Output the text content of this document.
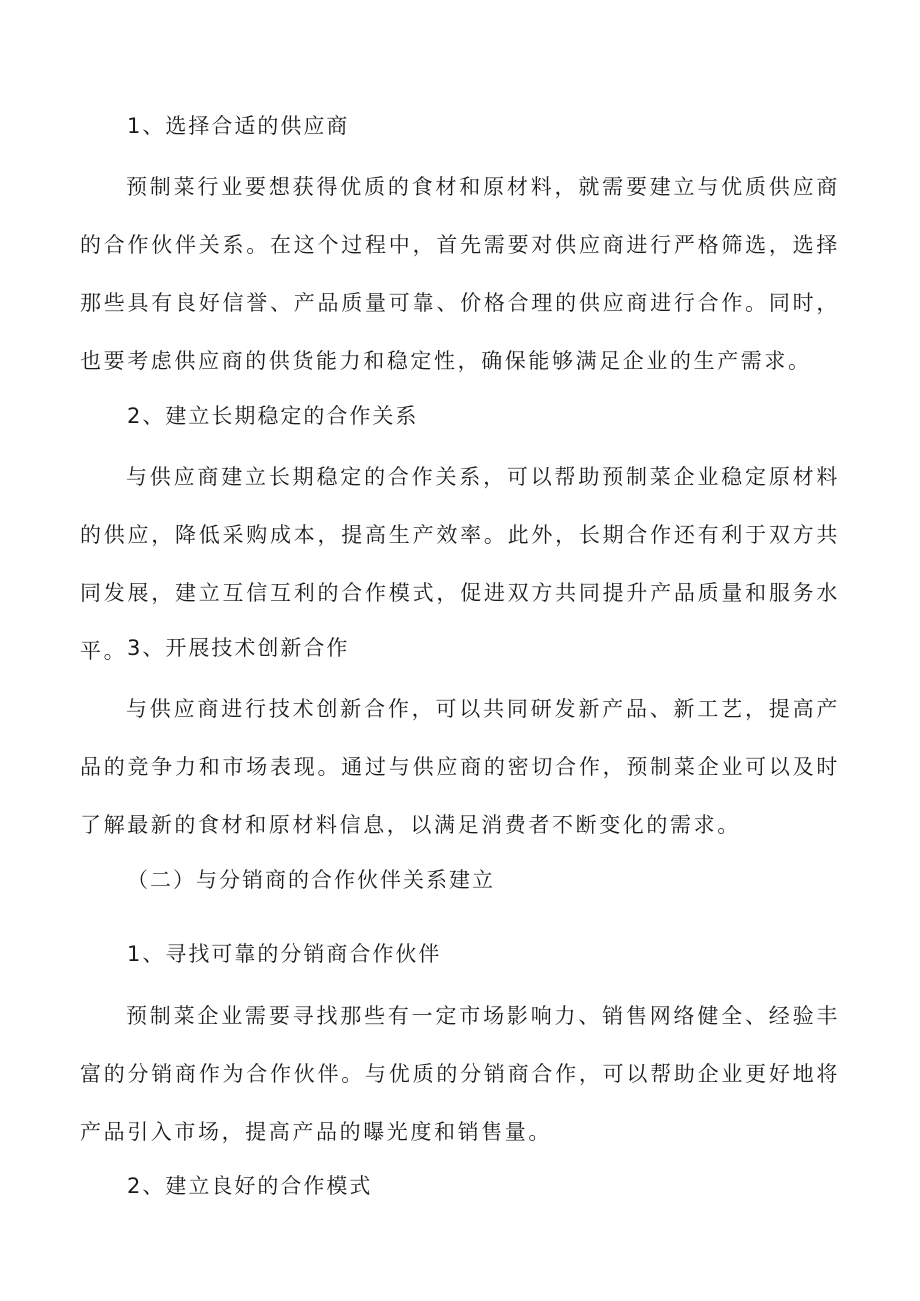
1、选择合适的供应商
预制菜行业要想获得优质的食材和原材料，就需要建立与优质供应商的合作伙伴关系。在这个过程中，首先需要对供应商进行严格筛选，选择那些具有良好信誉、产品质量可靠、价格合理的供应商进行合作。同时，也要考虑供应商的供货能力和稳定性，确保能够满足企业的生产需求。
2、建立长期稳定的合作关系
与供应商建立长期稳定的合作关系，可以帮助预制菜企业稳定原材料的供应，降低采购成本，提高生产效率。此外，长期合作还有利于双方共同发展，建立互信互利的合作模式，促进双方共同提升产品质量和服务水平。 3、开展技术创新合作
与供应商进行技术创新合作，可以共同研发新产品、新工艺，提高产品的竞争力和市场表现。通过与供应商的密切合作，预制菜企业可以及时了解最新的食材和原材料信息，以满足消费者不断变化的需求。
（二）与分销商的合作伙伴关系建立
1、寻找可靠的分销商合作伙伴
预制菜企业需要寻找那些有一定市场影响力、销售网络健全、经验丰富的分销商作为合作伙伴。与优质的分销商合作，可以帮助企业更好地将产品引入市场，提高产品的曝光度和销售量。
2、建立良好的合作模式
